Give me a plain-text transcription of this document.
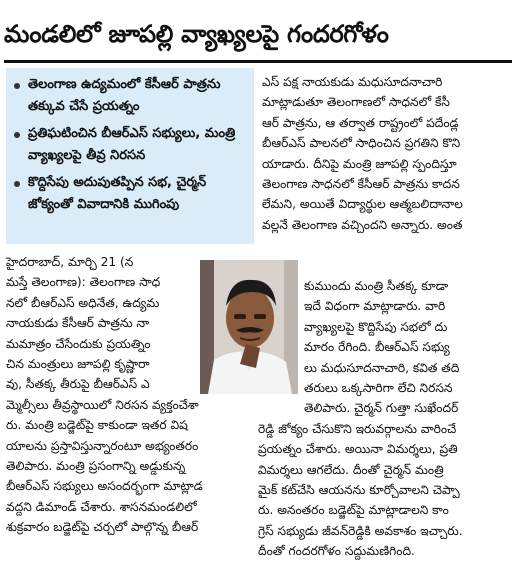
మండలిలో జూపల్లి వ్యాఖ్యలపై గందరగోళం
తెలంగాణ ఉద్యమంలో కేసీఆర్ పాత్రను తక్కువ చేసే ప్రయత్నం
ప్రతిఘటించిన బీఆర్ఎస్ సభ్యులు, మంత్రి వ్యాఖ్యలపై తీవ్ర నిరసన
కొద్దిసేపు అదుపుతప్పిన సభ, చైర్మన్ జోక్యంతో వివాదానికి ముగింపు
హైదరాబాద్, మార్చి 21 (న
మస్తే తెలంగాణ): తెలంగాణ సాధ
నలో బీఆర్ఎస్ అధినేత, ఉద్యమ
నాయకుడు కేసీఆర్ పాత్రను నా
మమాత్రం చేసేందుకు ప్రయత్నిం
చిన మంత్రులు జూపల్లి కృష్ణారా
వు, సీతక్క తీరుపై బీఆర్ఎస్ ఎ
మ్మెల్సీలు తీవ్రస్థాయిలో నిరసన వ్యక్తంచేశా
రు. మంత్రి బడ్జెట్‌పై కాకుండా ఇతర విష
యాలను ప్రస్తావిస్తున్నారంటూ అభ్యంతరం
తెలిపారు. మంత్రి ప్రసంగాన్ని అడ్డుకున్న
బీఆర్ఎస్ సభ్యులు అసందర్భంగా మాట్లాడ
వద్దని డిమాండ్ చేశారు. శాసనమండలిలో
శుక్రవారం బడ్జెట్‌పై చర్చలో పాల్గొన్న బీఆర్
ఎస్ పక్ష నాయకుడు మధుసూదనాచారి
మాట్లాడుతూ తెలంగాణలో సాధనలో కేసీ
ఆర్ పాత్రను, ఆ తర్వాత రాష్ట్రంలో పదేండ్ల
బీఆర్ఎస్ పాలనలో సాధించిన ప్రగతిని కొని
యాడారు. దీనిపై మంత్రి జూపల్లి స్పందిస్తూ
తెలంగాణ సాధనలో కేసీఆర్ పాత్రను కాదన
లేమని, అయితే విద్యార్థుల ఆత్మబలిదానాల
వల్లనే తెలంగాణ వచ్చిందని అన్నారు. అంత
కుముందు మంత్రి సీతక్క కూడా
ఇదే విధంగా మాట్లాడారు. వారి
వ్యాఖ్యలపై కొద్దిసేపు సభలో దు
మారం రేగింది. బీఆర్ఎస్ సభ్యు
లు మధుసూదనాచారి, కవిత తది
తరులు ఒక్కసారిగా లేచి నిరసన
తెలిపారు. చైర్మన్ గుత్తా సుఖేందర్
రెడ్డి జోక్యం చేసుకొని ఇరువర్గాలను వారించే
ప్రయత్నం చేశారు. అయినా విమర్శలు, ప్రతి
విమర్శలు ఆగలేదు. దీంతో చైర్మన్ మంత్రి
మైక్ కట్‌చేసి ఆయనను కూర్చోవాలని చెప్పా
రు. అనంతరం బడ్జెట్‌పై మాట్లాడాలని కాం
గ్రెస్ సభ్యుడు జీవన్‌రెడ్డికి అవకాశం ఇచ్చారు.
దీంతో గందరగోళం సద్దుమణిగింది.
